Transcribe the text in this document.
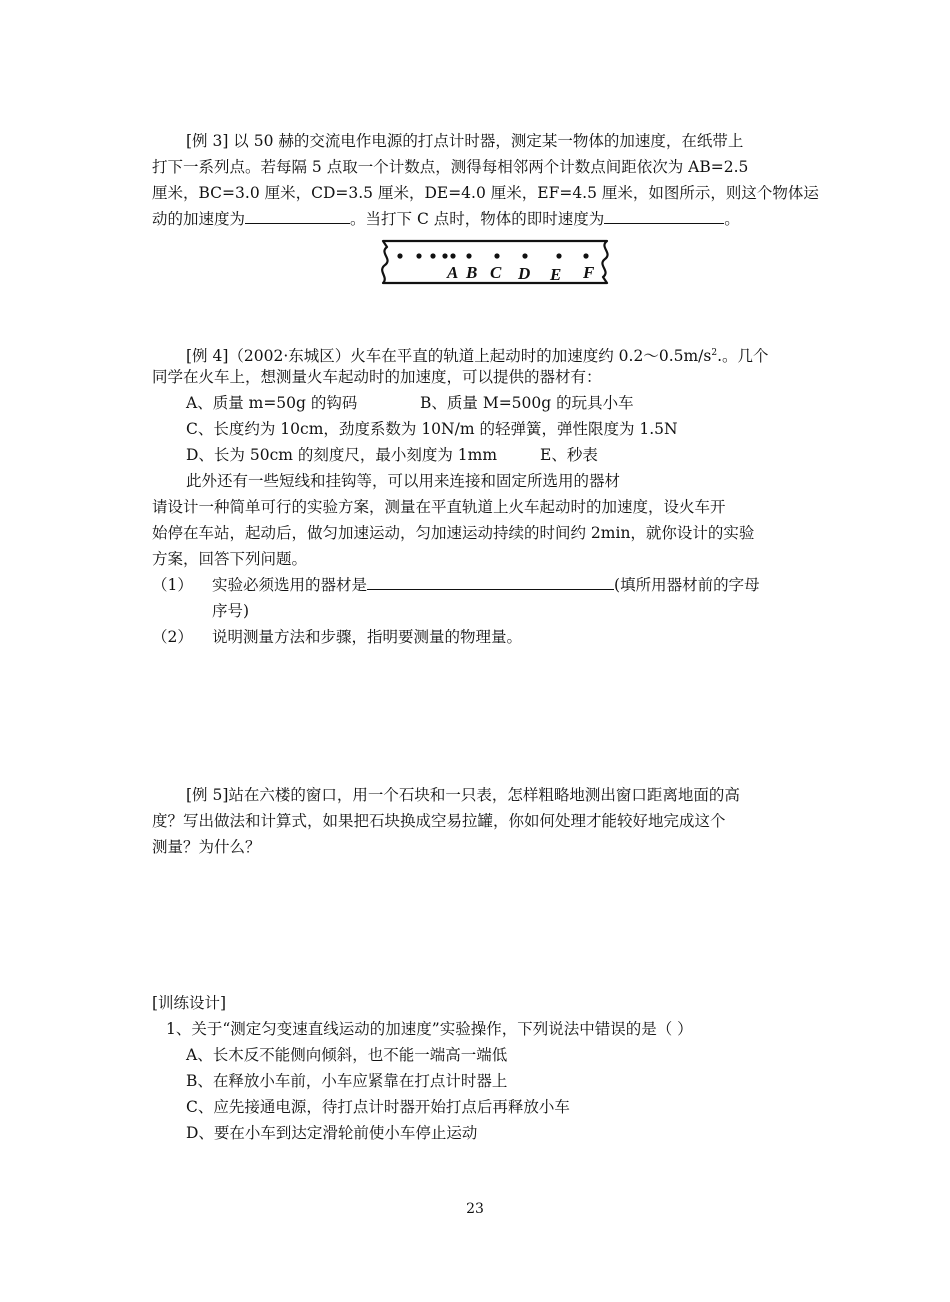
[例 3] 以 50 赫的交流电作电源的打点计时器，测定某一物体的加速度，在纸带上
打下一系列点。若每隔 5 点取一个计数点，测得每相邻两个计数点间距依次为 AB=2.5
厘米，BC=3.0 厘米，CD=3.5 厘米，DE=4.0 厘米，EF=4.5 厘米，如图所示，则这个物体运
动的加速度为	。当打下 C 点时，物体的即时速度为	。
A B C D E F
[例 4]（2002·东城区）火车在平直的轨道上起动时的加速度约 $0.2\sim 0.5m/s^2$.。几个
同学在火车上，想测量火车起动时的加速度，可以提供的器材有：
A、质量 m=50g 的钩码	B、质量 M=500g 的玩具小车
C、长度约为 10cm，劲度系数为 10N/m 的轻弹簧，弹性限度为 1.5N
D、长为 50cm 的刻度尺，最小刻度为 1mm	E、秒表
此外还有一些短线和挂钩等，可以用来连接和固定所选用的器材
请设计一种简单可行的实验方案，测量在平直轨道上火车起动时的加速度，设火车开
始停在车站，起动后，做匀加速运动，匀加速运动持续的时间约 2min，就你设计的实验
方案，回答下列问题。
（1） 实验必须选用的器材是	(填所用器材前的字母
序号)
（2） 说明测量方法和步骤，指明要测量的物理量。
[例 5]站在六楼的窗口，用一个石块和一只表，怎样粗略地测出窗口距离地面的高
度？写出做法和计算式，如果把石块换成空易拉罐，你如何处理才能较好地完成这个
测量？为什么？
[训练设计]
1、关于“测定匀变速直线运动的加速度”实验操作，下列说法中错误的是（ ）
A、长木反不能侧向倾斜，也不能一端高一端低
B、在释放小车前，小车应紧靠在打点计时器上
C、应先接通电源，待打点计时器开始打点后再释放小车
D、要在小车到达定滑轮前使小车停止运动
23
